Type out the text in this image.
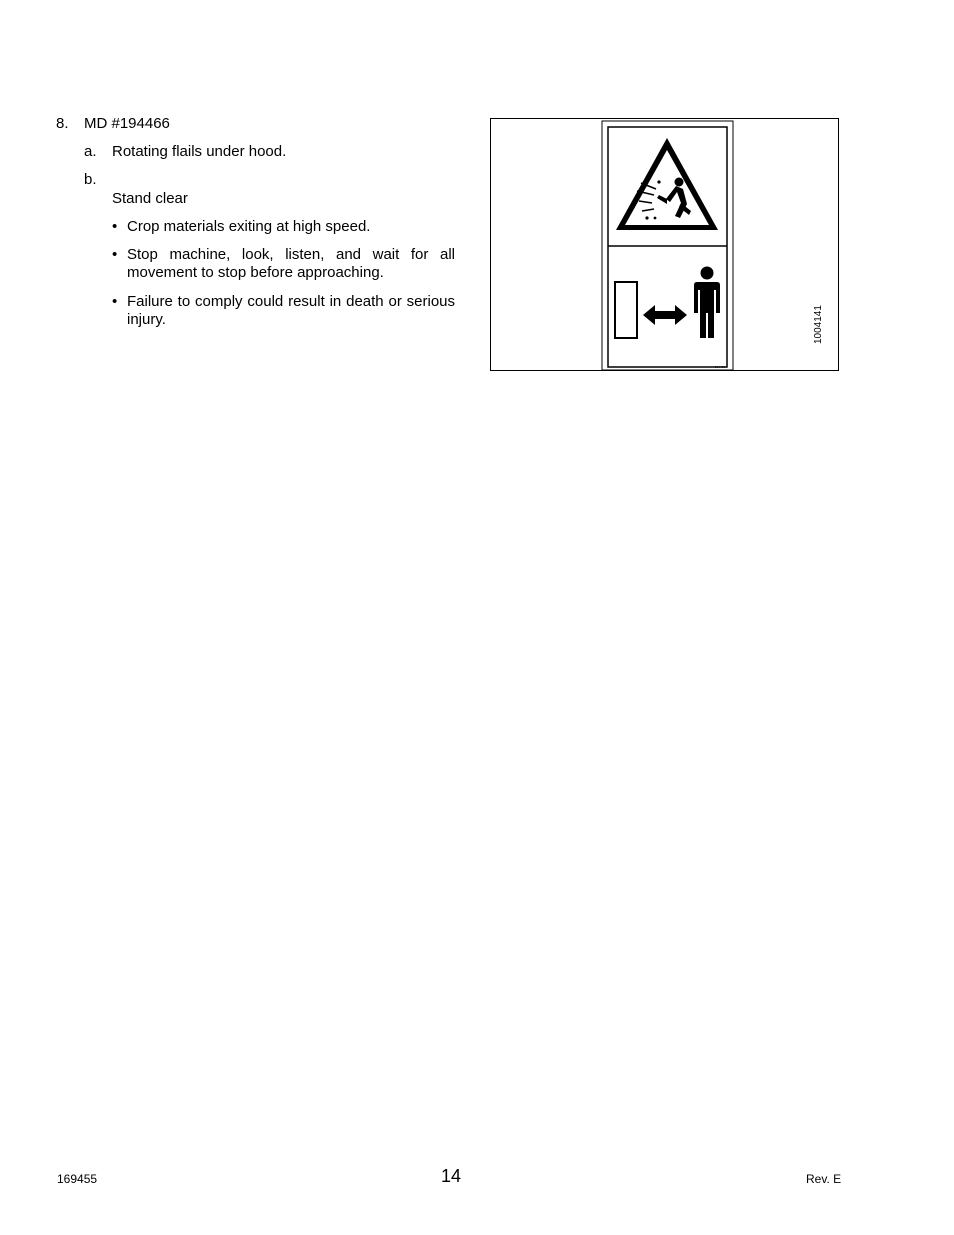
8. MD #194466
a. Rotating flails under hood.
b.
Stand clear
• Crop materials exiting at high speed.
• Stop machine, look, listen, and wait for all movement to stop before approaching.
• Failure to comply could result in death or serious injury.
194466
1004141
169455	14	Rev. E
